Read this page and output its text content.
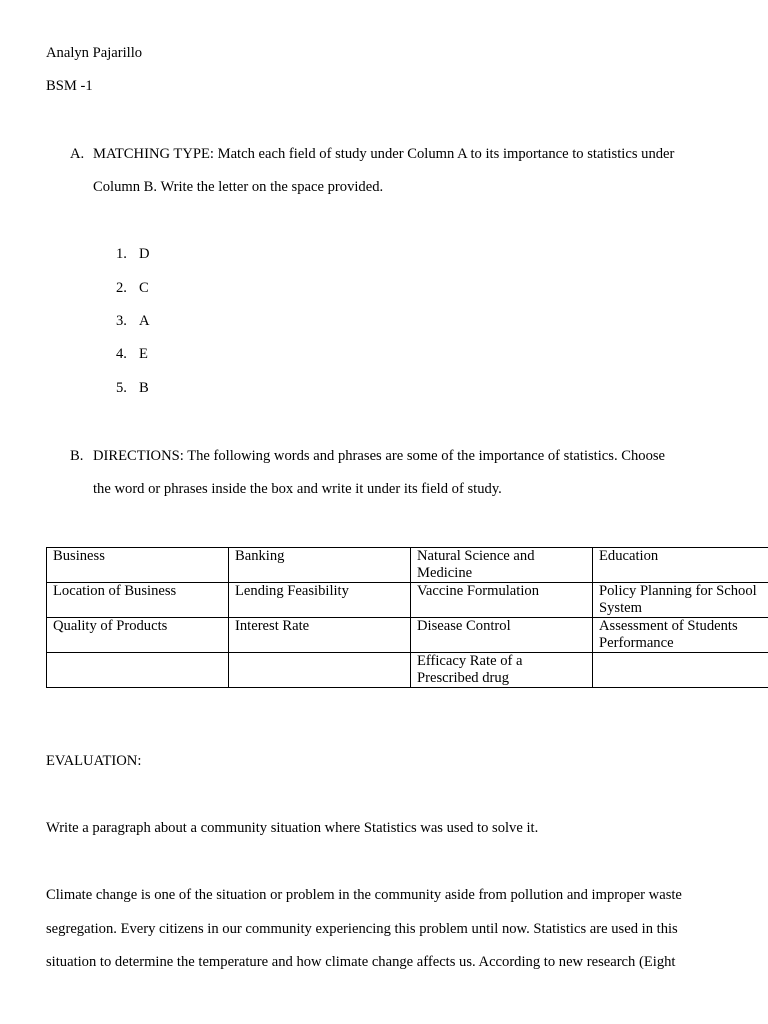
Analyn Pajarillo
BSM -1
A. MATCHING TYPE: Match each field of study under Column A to its importance to statistics under
Column B. Write the letter on the space provided.
1. D
2. C
3. A
4. E
5. B
B. DIRECTIONS: The following words and phrases are some of the importance of statistics. Choose
the word or phrases inside the box and write it under its field of study.
Business	Banking	Natural Science and Medicine	Education
Location of Business	Lending Feasibility	Vaccine Formulation	Policy Planning for School System
Quality of Products	Interest Rate	Disease Control	Assessment of Students Performance
		Efficacy Rate of a Prescribed drug	
EVALUATION:
Write a paragraph about a community situation where Statistics was used to solve it.
Climate change is one of the situation or problem in the community aside from pollution and improper waste
segregation. Every citizens in our community experiencing this problem until now. Statistics are used in this
situation to determine the temperature and how climate change affects us. According to new research (Eight
